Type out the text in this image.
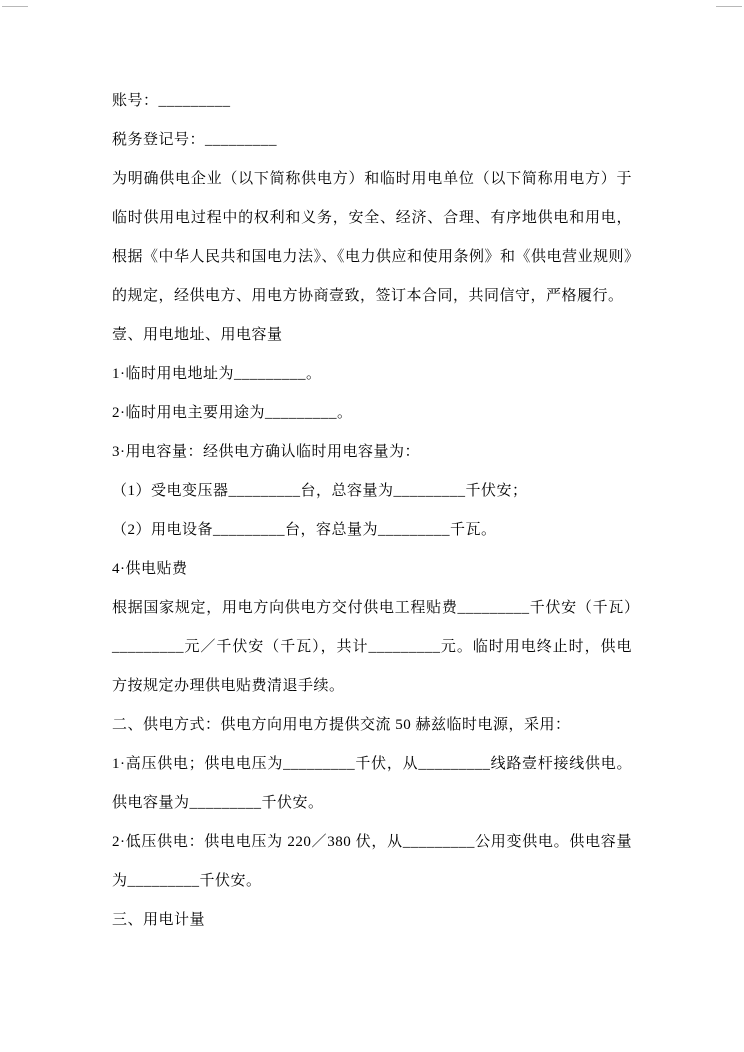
账号：_________

税务登记号：_________

为明确供电企业（以下简称供电方）和临时用电单位（以下简称用电方）于临时供用电过程中的权利和义务，安全、经济、合理、有序地供电和用电，根据《中华人民共和国电力法》、《电力供应和使用条例》和《供电营业规则》的规定，经供电方、用电方协商壹致，签订本合同，共同信守，严格履行。

壹、用电地址、用电容量

1·临时用电地址为_________。

2·临时用电主要用途为_________。

3·用电容量：经供电方确认临时用电容量为：

（1）受电变压器_________台，总容量为_________千伏安；

（2）用电设备_________台，容总量为_________千瓦。

4·供电贴费

根据国家规定，用电方向供电方交付供电工程贴费_________千伏安（千瓦）_________元／千伏安（千瓦），共计_________元。临时用电终止时，供电方按规定办理供电贴费清退手续。

二、供电方式：供电方向用电方提供交流 50 赫兹临时电源，采用：

1·高压供电；供电电压为_________千伏，从_________线路壹杆接线供电。供电容量为_________千伏安。

2·低压供电：供电电压为 220／380 伏，从_________公用变供电。供电容量为_________千伏安。

三、用电计量
